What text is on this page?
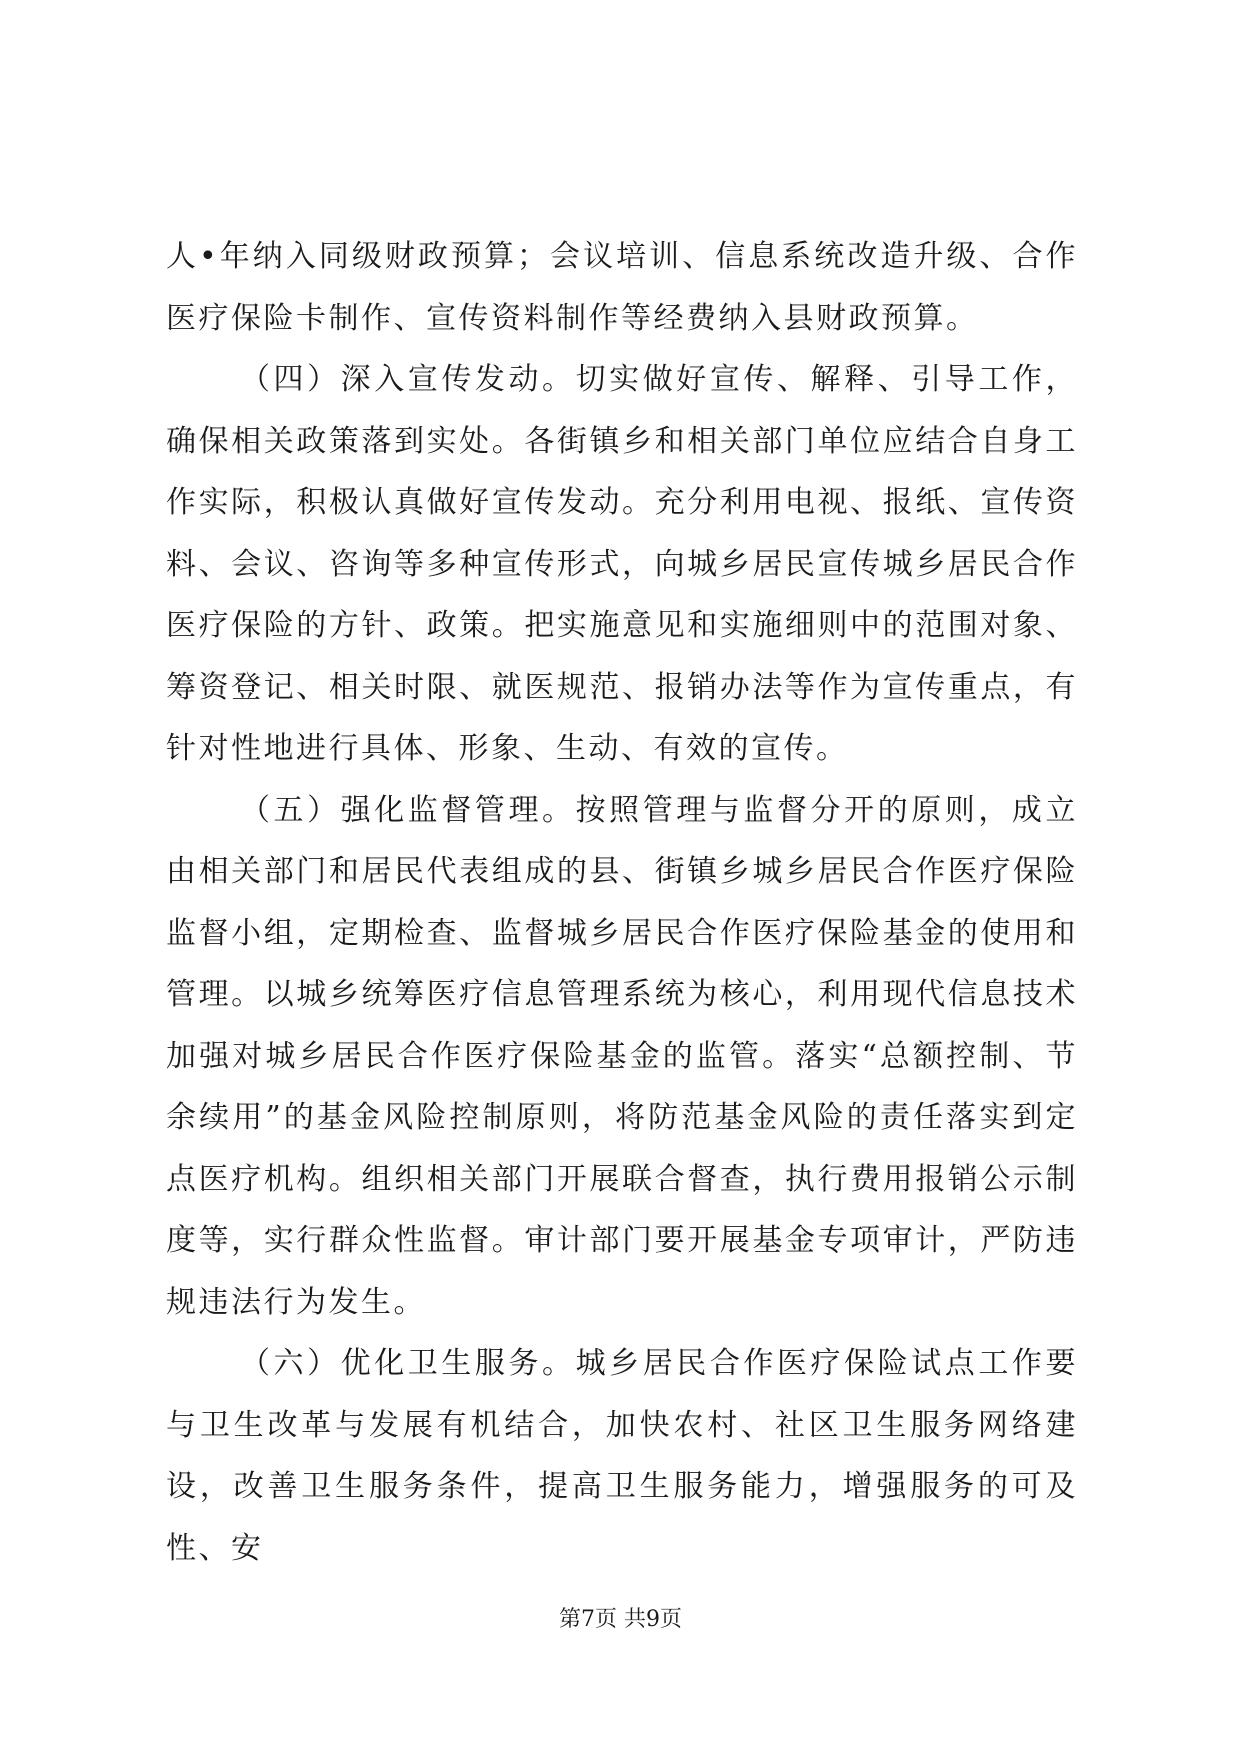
人•年纳入同级财政预算；会议培训、信息系统改造升级、合作医疗保险卡制作、宣传资料制作等经费纳入县财政预算。

（四）深入宣传发动。切实做好宣传、解释、引导工作，确保相关政策落到实处。各街镇乡和相关部门单位应结合自身工作实际，积极认真做好宣传发动。充分利用电视、报纸、宣传资料、会议、咨询等多种宣传形式，向城乡居民宣传城乡居民合作医疗保险的方针、政策。把实施意见和实施细则中的范围对象、筹资登记、相关时限、就医规范、报销办法等作为宣传重点，有针对性地进行具体、形象、生动、有效的宣传。

（五）强化监督管理。按照管理与监督分开的原则，成立由相关部门和居民代表组成的县、街镇乡城乡居民合作医疗保险监督小组，定期检查、监督城乡居民合作医疗保险基金的使用和管理。以城乡统筹医疗信息管理系统为核心，利用现代信息技术加强对城乡居民合作医疗保险基金的监管。落实“总额控制、节余续用”的基金风险控制原则，将防范基金风险的责任落实到定点医疗机构。组织相关部门开展联合督查，执行费用报销公示制度等，实行群众性监督。审计部门要开展基金专项审计，严防违规违法行为发生。

（六）优化卫生服务。城乡居民合作医疗保险试点工作要与卫生改革与发展有机结合，加快农村、社区卫生服务网络建设，改善卫生服务条件，提高卫生服务能力，增强服务的可及性、安

第7页 共9页
